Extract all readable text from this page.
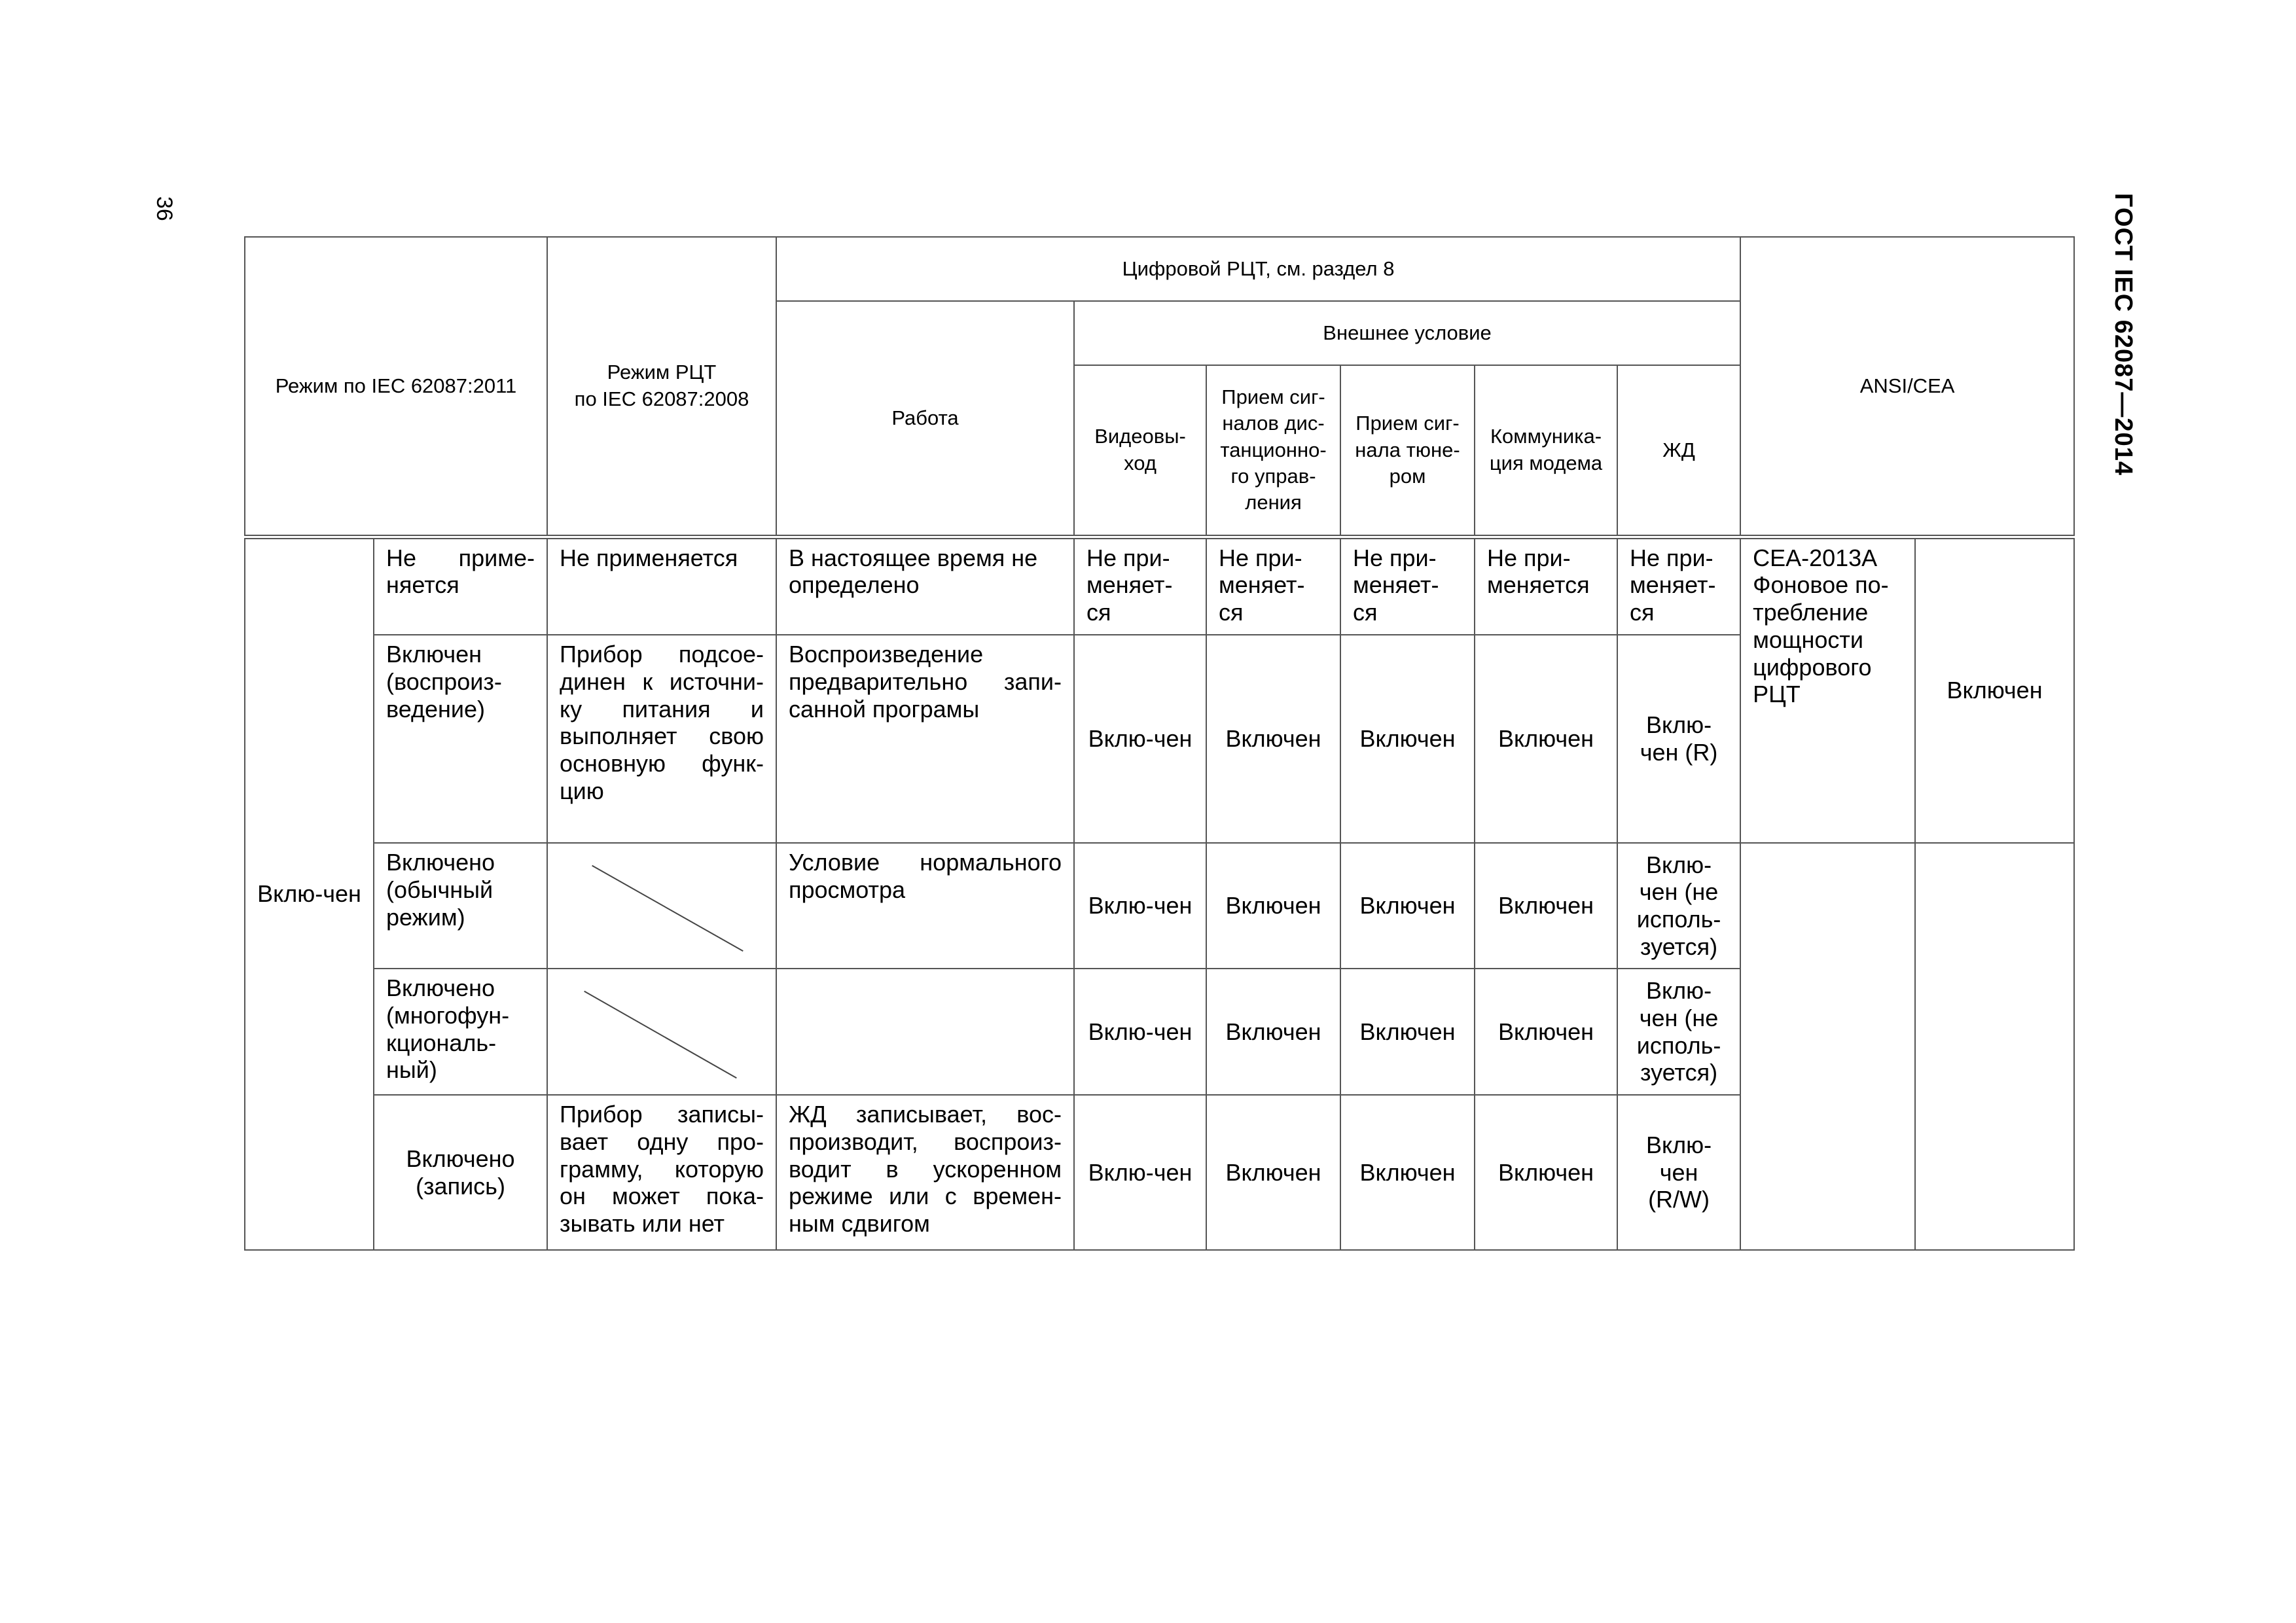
36	ГОСТ IEC 62087—2014
Режим по IEC 62087:2011		Режим РЦТ
по IEC 62087:2008	Цифровой РЦТ, см. раздел 8						ANSI/CEA	
			Работа	Внешнее условие						
				Видеовы-ход	Прием сиг-налов дис-танционно-го управ-ления	Прием сиг-нала тюне-ром	Коммуника-ция модема	ЖД		
Вклю-чен	Не приме-няется	Не применяется	В настоящее время не определено	Не при-меняет-ся	Не при-меняет-ся	Не при-меняет-ся	Не при-меняется	Не при-меняет-ся	CEA-2013A Фоновое по-требление мощности цифрового РЦТ	Включен
	Включен (воспроиз-ведение)	Прибор подсое-динен к источни-ку питания и выполняет свою основную функ-цию	Воспроизведение предварительно запи-санной програмы	Вклю-чен	Включен	Включен	Включен	Вклю-чен (R)		
	Включено (обычный режим)		Условие нормального просмотра	Вклю-чен	Включен	Включен	Включен	Вклю-чен (не исполь-зуется)		
	Включено (многофун-кциональ-ный)			Вклю-чен	Включен	Включен	Включен	Вклю-чен (не исполь-зуется)		
	Включено (запись)	Прибор записы-вает одну про-грамму, которую он может пока-зывать или нет	ЖД записывает, вос-производит, воспроиз-водит в ускоренном режиме или с времен-ным сдвигом	Вклю-чен	Включен	Включен	Включен	Вклю-чен (R/W)		
